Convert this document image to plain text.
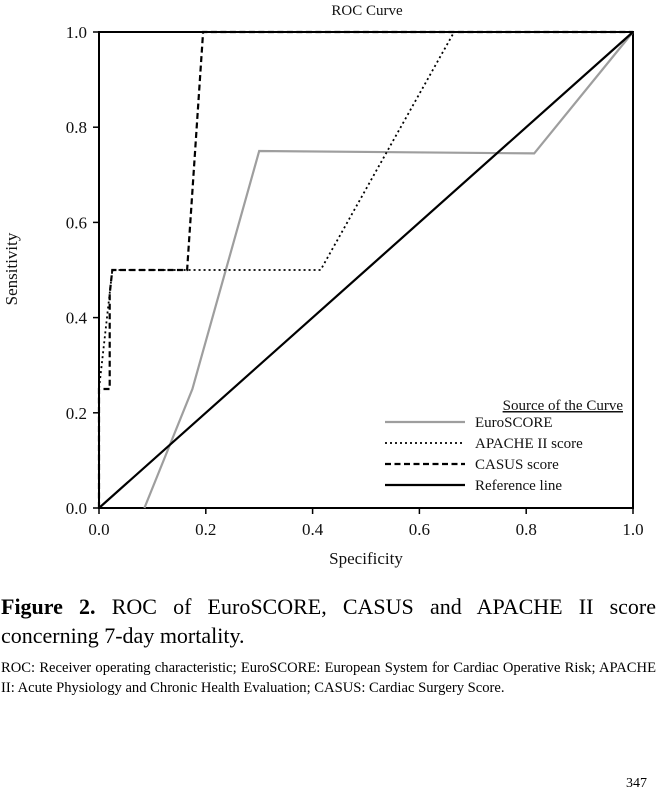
ROC Curve
0.0	0.2	0.4	0.6	0.8	1.0
0.0
0.2
0.4
0.6
0.8
1.0
Specificity
Sensitivity
Source of the Curve
EuroSCORE
APACHE II score
CASUS score
Reference line

Figure 2. ROC of EuroSCORE, CASUS and APACHE II score concerning 7-day mortality.

ROC: Receiver operating characteristic; EuroSCORE: European System for Cardiac Operative Risk; APACHE II: Acute Physiology and Chronic Health Evaluation; CASUS: Cardiac Surgery Score.

347
